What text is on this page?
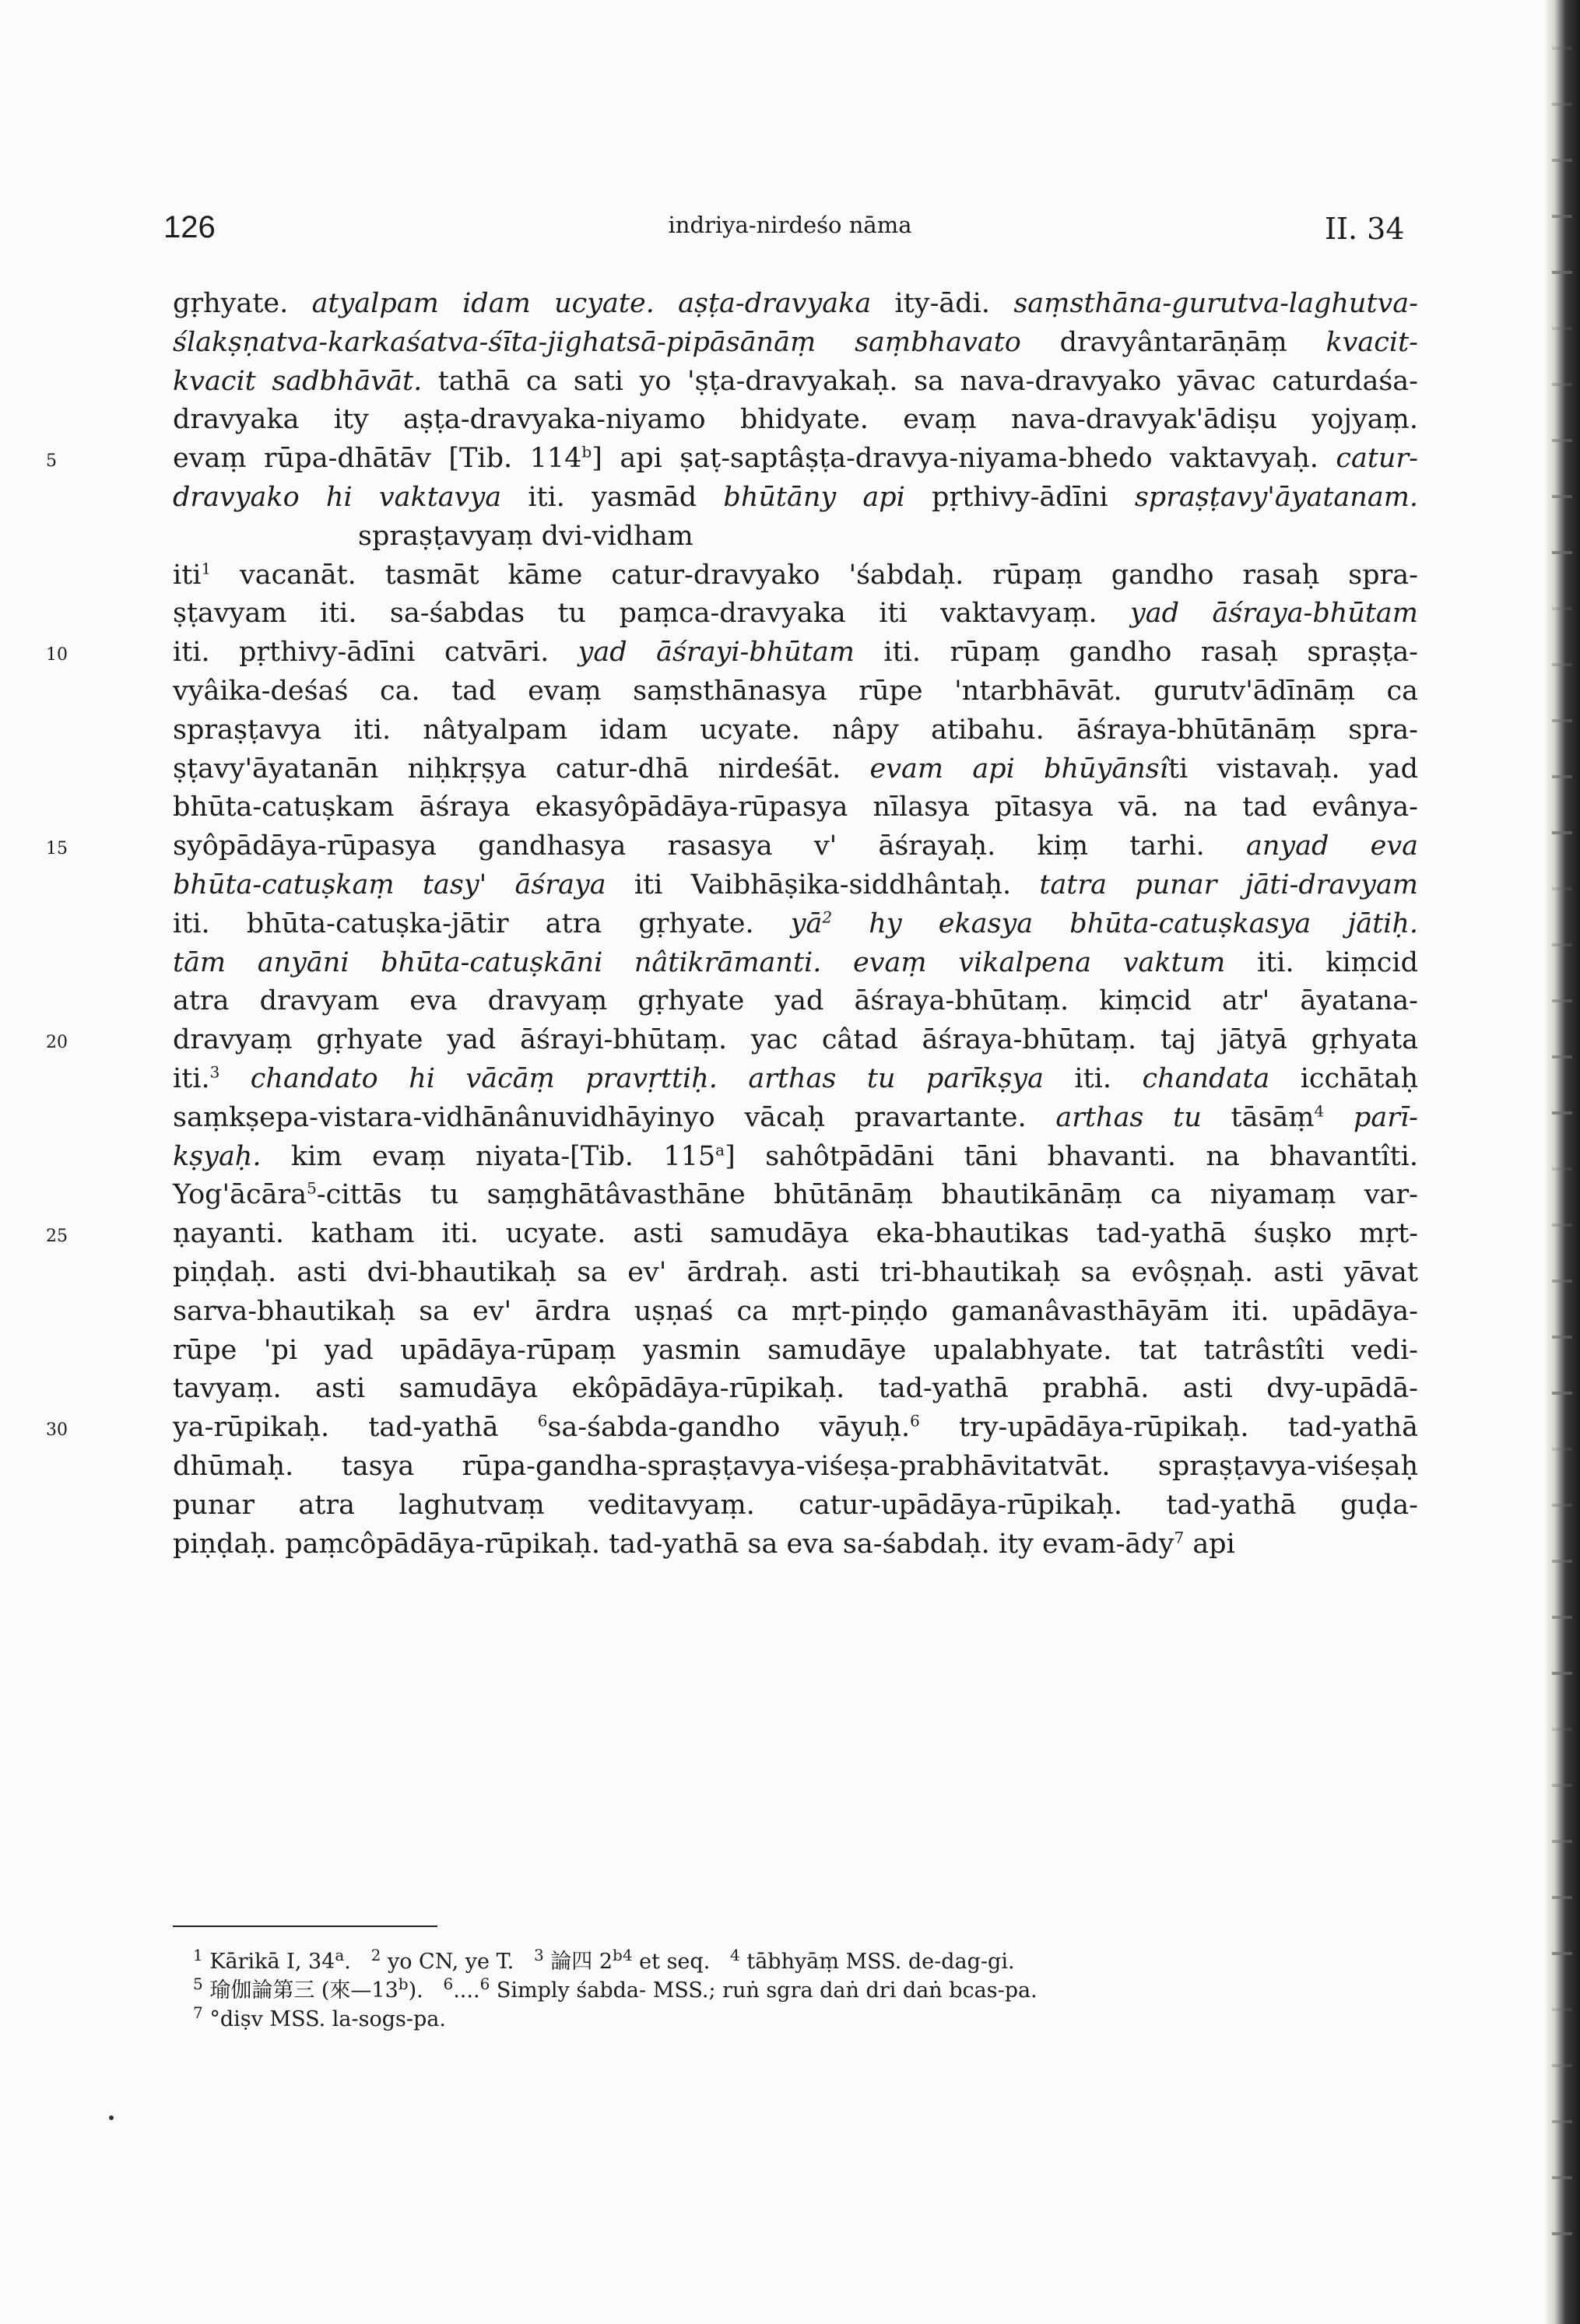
126	indriya-nirdeśo nāma	II. 34
gṛhyate. atyalpam idam ucyate. aṣṭa-dravyaka ity-ādi. saṃsthāna-gurutva-laghutva-
ślakṣṇatva-karkaśatva-śīta-jighatsā-pipāsānāṃ saṃbhavato dravyântarāṇāṃ kvacit-
kvacit sadbhāvāt. tathā ca sati yo 'ṣṭa-dravyakaḥ. sa nava-dravyako yāvac caturdaśa-
dravyaka ity aṣṭa-dravyaka-niyamo bhidyate. evaṃ nava-dravyak'ādiṣu yojyaṃ.
evaṃ rūpa-dhātāv [Tib. 114$^b$] api ṣaṭ-saptâṣṭa-dravya-niyama-bhedo vaktavyaḥ. catur-
5
dravyako hi vaktavya iti. yasmād bhūtāny api pṛthivy-ādīni spraṣṭavy'āyatanam.
spraṣṭavyaṃ dvi-vidham
iti$^1$ vacanāt. tasmāt kāme catur-dravyako 'śabdaḥ. rūpaṃ gandho rasaḥ spra-
ṣṭavyam iti. sa-śabdas tu paṃca-dravyaka iti vaktavyaṃ. yad āśraya-bhūtam
iti. pṛthivy-ādīni catvāri. yad āśrayi-bhūtam iti. rūpaṃ gandho rasaḥ spraṣṭa-
10
vyâika-deśaś ca. tad evaṃ saṃsthānasya rūpe 'ntarbhāvāt. gurutv'ādīnāṃ ca
spraṣṭavya iti. nâtyalpam idam ucyate. nâpy atibahu. āśraya-bhūtānāṃ spra-
ṣṭavy'āyatanān niḥkṛṣya catur-dhā nirdeśāt. evam api bhūyānsîti vistavaḥ. yad
bhūta-catuṣkam āśraya ekasyôpādāya-rūpasya nīlasya pītasya vā. na tad evânya-
syôpādāya-rūpasya gandhasya rasasya v' āśrayaḥ. kiṃ tarhi. anyad eva
15
bhūta-catuṣkaṃ tasy' āśraya iti Vaibhāṣika-siddhântaḥ. tatra punar jāti-dravyam
iti. bhūta-catuṣka-jātir atra gṛhyate. $yā^2$ hy ekasya bhūta-catuṣkasya jātiḥ.
tām anyāni bhūta-catuṣkāni nâtikrāmanti. evaṃ vikalpena vaktum iti. kiṃcid
atra dravyam eva dravyaṃ gṛhyate yad āśraya-bhūtaṃ. kiṃcid atr' āyatana-
dravyaṃ gṛhyate yad āśrayi-bhūtaṃ. yac câtad āśraya-bhūtaṃ. taj jātyā gṛhyata
20
iti.$^3$ chandato hi vācāṃ pravṛttiḥ. arthas tu parīkṣya iti. chandata icchātaḥ
saṃkṣepa-vistara-vidhānânuvidhāyinyo vācaḥ pravartante. arthas tu tāsāṃ$^4$ parī-
kṣyaḥ. kim evaṃ niyata-[Tib. 115$^a$] sahôtpādāni tāni bhavanti. na bhavantîti.
Yog'ācāra$^5$-cittās tu saṃghātâvasthāne bhūtānāṃ bhautikānāṃ ca niyamaṃ var-
ṇayanti. katham iti. ucyate. asti samudāya eka-bhautikas tad-yathā śuṣko mṛt-
25
piṇḍaḥ. asti dvi-bhautikaḥ sa ev' ārdraḥ. asti tri-bhautikaḥ sa evôṣṇaḥ. asti yāvat
sarva-bhautikaḥ sa ev' ārdra uṣṇaś ca mṛt-piṇḍo gamanâvasthāyām iti. upādāya-
rūpe 'pi yad upādāya-rūpaṃ yasmin samudāye upalabhyate. tat tatrâstîti vedi-
tavyaṃ. asti samudāya ekôpādāya-rūpikaḥ. tad-yathā prabhā. asti dvy-upādā-
ya-rūpikaḥ. tad-yathā $^6$sa-śabda-gandho vāyuḥ.$^6$ try-upādāya-rūpikaḥ. tad-yathā
30
dhūmaḥ. tasya rūpa-gandha-spraṣṭavya-viśeṣa-prabhāvitatvāt. spraṣṭavya-viśeṣaḥ
punar atra laghutvaṃ veditavyaṃ. catur-upādāya-rūpikaḥ. tad-yathā guḍa-
piṇḍaḥ. paṃcôpādāya-rūpikaḥ. tad-yathā sa eva sa-śabdaḥ. ity evam-ādy$^7$ api
$^1$ Kārikā I, 34$^a$.   $^2$ yo CN, ye T.   $^3$ 論四 $2^{b4}$ et seq.   $^4$ tābhyāṃ MSS. de-dag-gi.
$^5$ 瑜伽論第三 (來—13$^b$).   $^6$....$^6$ Simply śabda- MSS.; ruṅ sgra daṅ dri daṅ bcas-pa.
$^7$ °diṣv MSS. la-sogs-pa.
